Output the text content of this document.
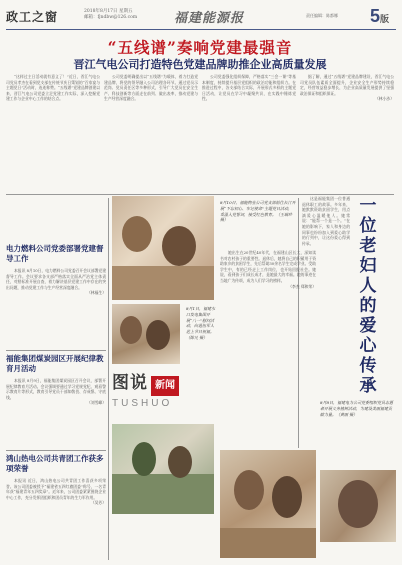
政工之窗	2018年8月17日 星期五
邮箱：fjndbw@126.com	福建能源报	责任编辑：陈都娜 5版
“五线谱”奏响党建最强音
晋江气电公司打造特色党建品牌助推企业高质量发展

“这样过主日活动就有意义了！”近日，晋江气电公司党员孝杰在看到党支部在传统节庆日策划的“百家宴与主题党日”活动时，连连称赞。“五线谱”党建品牌创建以来，晋江气电公司党委立足党建工作实际，深入挖掘党建工作与企业中心工作的结合点。

公司党委明确提出以“五线谱”为载体，着力打造党建品牌，将党的领导融入公司治理各环节。通过党员示范岗、党员责任区等多种形式，引导广大党员在安全生产、科技创新等方面走在前列、做出表率，推动党建与生产经营深度融合。

公司党委强化组织保障，严格落实“三会一课”等基本制度，持续提升基层党组织的政治功能和组织力。在推进过程中，各支部结合实际，开展形式多样的主题党日活动，让党员在学习中凝聚共识，在实践中锤炼党性。

据了解，通过“五线谱”党建品牌建设，晋江气电公司党员队伍素质全面提升，企业安全生产形势持续稳定，经营效益稳步增长，为企业高质量发展提供了坚强政治保证和组织保证。

（林小沙）
电力燃料公司党委部署党建督导工作

本报讯 8月10日，电力燃料公司党委召开会议部署党建督导工作。会议要求各支部严格落实全面从严治党主体责任，对照标准开展自查，着力解决基层党建工作中存在的突出问题，推动党建工作与生产经营深度融合。

（林福生）
福能集团煤炭园区开展纪律教育月活动

本报讯 8月9日，福能集团煤炭园区召开会议，部署开展纪律教育月活动。会议强调要通过学习党规党纪、观看警示教育片等形式，教育引导党员干部知敬畏、存戒惧、守底线。

（刘雪峰）
鸿山热电公司共青团工作获多项荣誉

本报讯 近日，鸿山热电公司共青团工作喜获多项荣誉。该公司团委被授予“福建省五四红旗团委”称号，一名青年获“福建青年五四奖章”。近年来，公司团委紧紧围绕企业中心工作，充分发挥团组织和团员青年的生力军作用。

（吴芳）
8月10日，福能物业公司党支部前往长汀开展“不忘初心、牢记使命”主题党日活动，重温入党誓词，接受红色教育。（王瑞珍 摄）
8月1日，福建水口发电集团开展“八一”慰问活动，向退伍军人送上节日祝福。（陈凡 摄）
8月8日，福建电力公司党委组织党员志愿者开展义务植树活动，为建设美丽福建贡献力量。（黄丽 摄）
图说 新闻
TUSHUO
一位老妇人的爱心传承

这是福能集团一位普通退休职工的故事。多年来，她默默资助贫困学生，用点滴爱心温暖他人。她常说：“能帮一个是一个。”在她的影响下，家人和身边的同事也纷纷加入到爱心助学的行列中，让这份爱心得到传承。

她出生在20世纪40年代，在福建山区长大，深知读书对农村孩子的重要性。退休后，她将自己的积蓄用于资助家乡的贫困学生，先后帮助30余名学生完成学业。受助学生中，有的已经走上工作岗位，也开始回报社会。她说，看到孩子们成长成才，是她最大的幸福。她的事迹在当地广为传颂，成为人们学习的榜样。

（李杰 郑和荣）
